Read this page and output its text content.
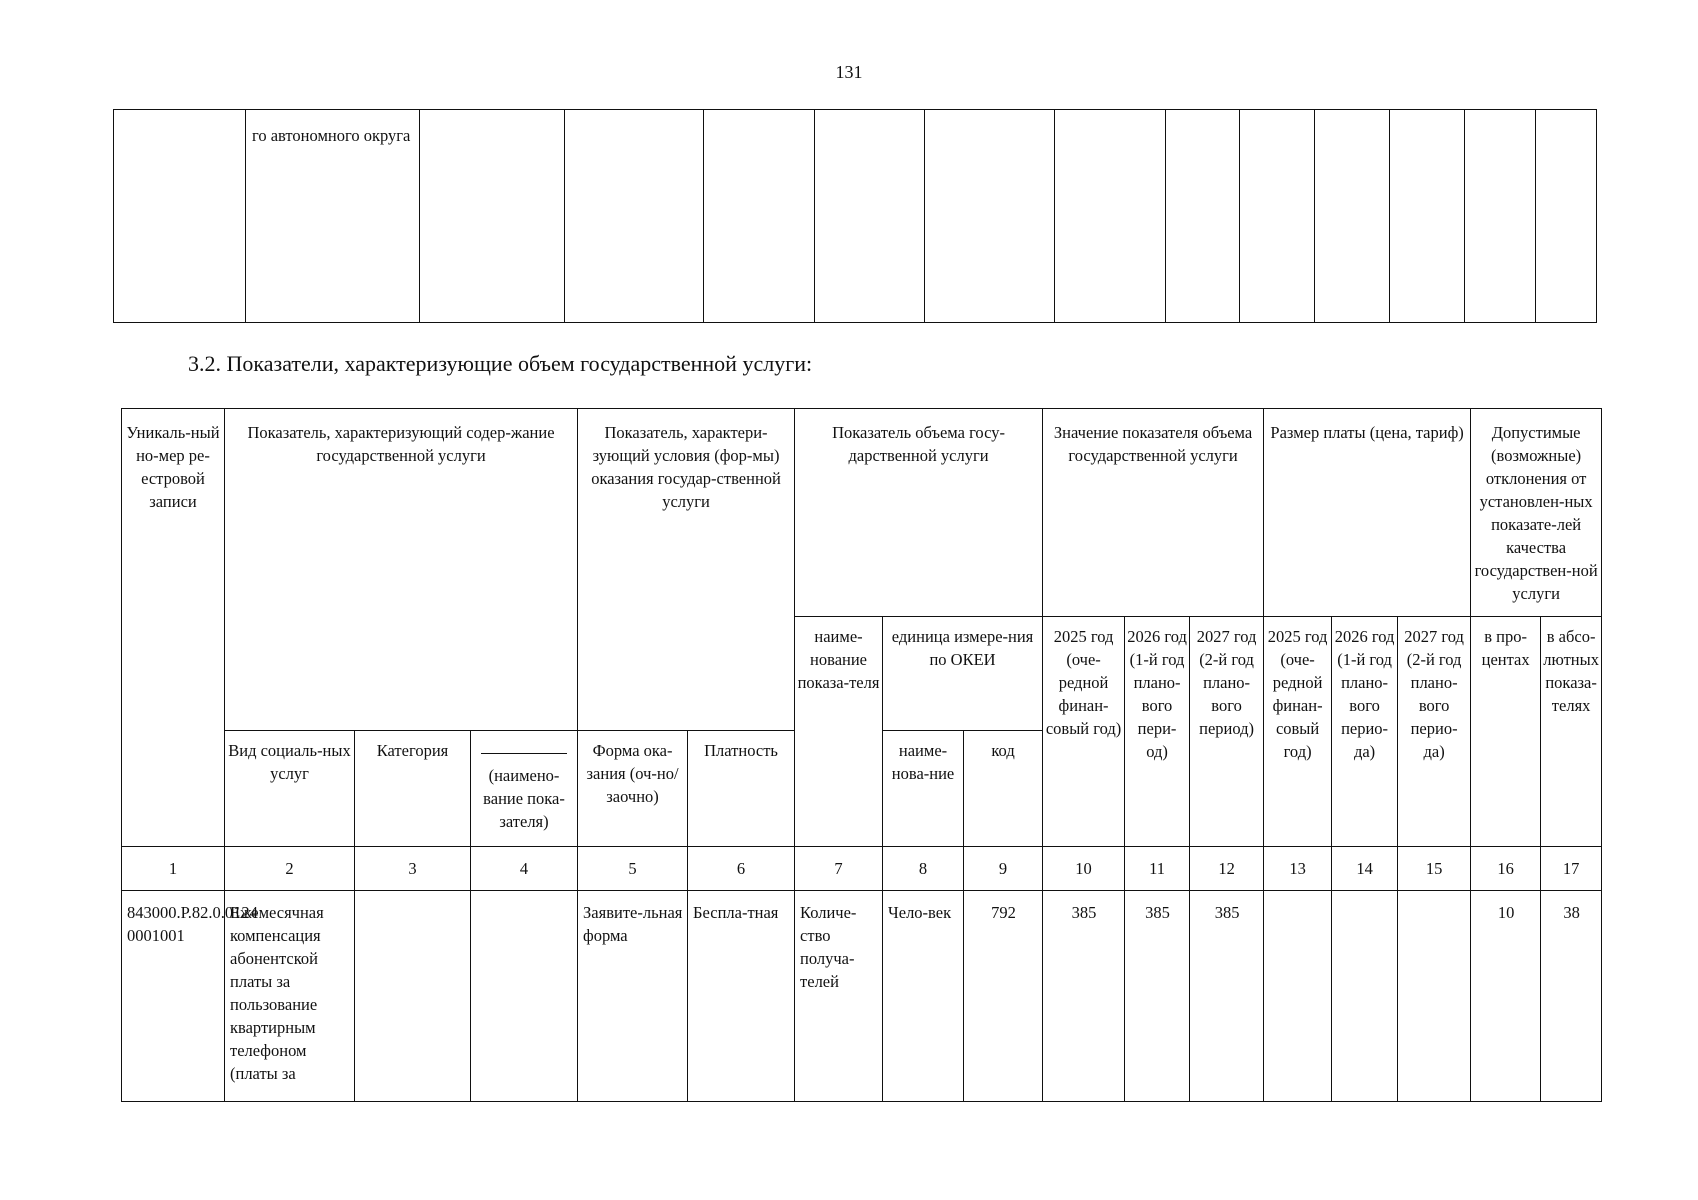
131

го автономного округа

3.2. Показатели, характеризующие объем государственной услуги:
Уникаль-ный но-мер ре-естровой записи	Показатель, характеризующий содер-жание государственной услуги			Показатель, характери-зующий условия (фор-мы) оказания государ-ственной услуги		Показатель объема госу-дарственной услуги			Значение показателя объема государственной услуги			Размер платы (цена, тариф)			Допустимые (возможные) отклонения от установлен-ных показате-лей качества государствен-ной услуги	
						наиме-нование показа-теля	единица измере-ния по ОКЕИ		2025 год (оче-редной финан-совый год)	2026 год (1-й год плано-вого пери-од)	2027 год (2-й год плано-вого период)	2025 год (оче-редной финан-совый год)	2026 год (1-й год плано-вого перио-да)	2027 год (2-й год плано-вого перио-да)	в про-центах	в абсо-лютных показа-телях
	Вид социаль-ных услуг	Категория	(наимено-вание пока-зателя)	Форма ока-зания (оч-но/заочно)	Платность		наиме-нова-ние	код								
1	2	3	4	5	6	7	8	9	10	11	12	13	14	15	16	17
843000.Р.82.0.0124 0001001	Ежемесячная компенсация абонентской платы за пользование квартирным телефоном (платы за			Заявите-льная форма	Беспла-тная	Количе-ство получа-телей	Чело-век	792	385	385	385				10	38
